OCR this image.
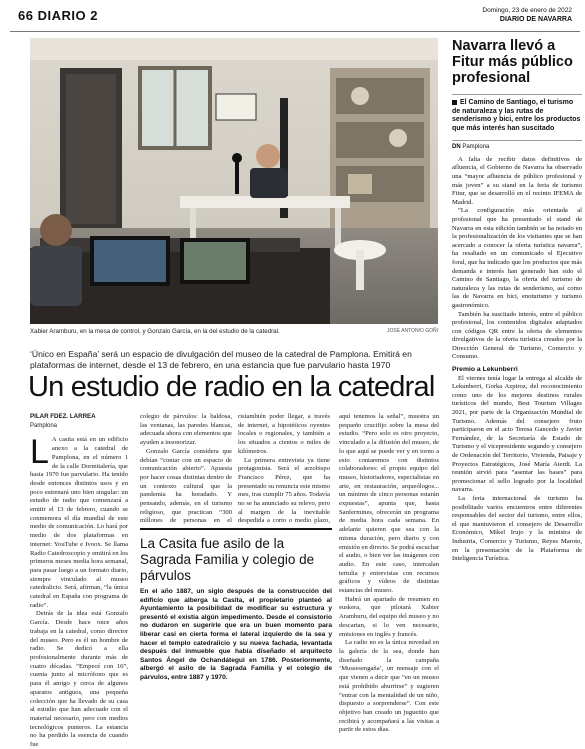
66 DIARIO 2	Domingo, 23 de enero de 2022
DIARIO DE NAVARRA
Xabier Aramburu, en la mesa de control, y Gonzalo García, en la del estudio de la catedral.	JOSÉ ANTONIO GOÑI
‘Único en España’ será un espacio de divulgación del museo de la catedral de Pamplona. Emitirá en plataformas de internet, desde el 13 de febrero, en una estancia que fue parvulario hasta 1970
Un estudio de radio en la catedral
PILAR FDEZ. LARREA
Pamplona
L A casita está en un edificio anexo a la catedral de Pamplona, en el número 1 de la calle Dormitalería, que hasta 1970 fue parvulario. Ha tenido desde entonces distintos usos y en poco estrenará uno bien singular: un estudio de radio que comenzará a emitir el 13 de febrero, cuando se conmemora el día mundial de este medio de comunicación. Lo hará por medio de dos plataformas en internet: YouTube e Ivoox. Se llama Radio Catedroscopio y emitirá en los primeros meses media hora semanal, para pasar luego a un formato diario, siempre vinculado al museo catedralicio. Será, afirman, “la única catedral en España con programa de radio”.

Detrás de la idea está Gonzalo García. Desde hace once años trabaja en la catedral, como director del museo. Pero es él un hombre de radio. Se dedicó a ella profesionalmente durante más de cuatro décadas. “Empecé con 16”, cuenta junto al micrófono que es para él amigo y cerca de algunos aparatos antiguos, una pequeña colección que ha llevado de su casa al estudio que han adecuado con el material necesario, pero con medios tecnológicos punteros. La estancia no ha perdido la esencia de cuando fue

colegio de párvulos: la baldosa, las ventanas, las paredes blancas, adecuada ahora con elementos que ayuden a insonorizar.

Gonzalo García considera que debían “contar con un espacio de comunicación abierto”. Apuesta por hacer cosas distintas dentro de un contexto cultural que la pandemia ha horadado. Y pensando, además, en el turismo religioso, que practican “300 millones de personas en el

ristambién poder llegar, a través de internet, a hipotéticos oyentes locales o regionales, y también a los situados a cientos o miles de kilómetros.

La primera entrevista ya tiene protagonista. Será el arzobispo Francisco Pérez, que ha presentado su renuncia este mismo mes, tras cumplir 75 años. Todavía no se ha anunciado su relevo, pero al margen de la inevitable despedida a corto o medio plazo,

aquí tenemos la señal”, muestra un pequeño crucifijo sobre la mesa del estudio. “Pero solo es otro proyecto, vinculado a la difusión del museo, de lo que aquí se puede ver y en torno a esto contaremos con distintos colaboradores: el propio equipo del museo, historiadores, especialistas en arte, en restauración, arqueólogos... un mínimo de cinco personas estarán expuestas”, apunta que, hasta Sanfermines, ofrecerán un programa de media hora cada semana. En adelante quieren que sea con la misma duración, pero diario y con emisión en directo. Se podrá escuchar el audio, o bien ver las imágenes con audio. En este caso, intercalan tertulia y entrevistas con recursos gráficos y vídeos de distintas estancias del museo.

Habrá un apartado de resumen en euskera, que pilotará Xabier Aramburu, del equipo del museo y no descartan, si lo ven necesario, emisiones en inglés y francés.

La radio no es la única novedad en la galería de la sea, donde han diseñado la campaña ‘Mussesengaña’, un mensaje con el que vienen a decir que “en un museo está prohibido aburrirse” y sugieren “entrar con la mentalidad de un niño, dispuesto a sorprenderse”. Con este objetivo han creado un juguetito que recibirá y acompañará a las visitas a partir de estos días.

La Casita fue asilo de la Sagrada Familia y colegio de párvulos
En el año 1887, un siglo después de la construcción del edificio que alberga la Casita, el propietario planteó al Ayuntamiento la posibilidad de modificar su estructura y presentó el existía algún impedimento. Desde el consistorio no dudaron en sugerirle que era un buen momento para liberar casi en cierta forma el lateral izquierdo de la sea y hacer el templo catedralicio y su nueva fachada, levantada después del inmueble que había diseñado el arquitecto Santos Ángel de Ochandátegui en 1786. Posteriormente, albergó el asilo de la Sagrada Familia y el colegio de párvulos, entre 1887 y 1970.
Navarra llevó a Fitur más público profesional
El Camino de Santiago, el turismo de naturaleza y las rutas de senderismo y bici, entre los productos que más interés han suscitado
DN Pamplona

A falta de recibir datos definitivos de afluencia, el Gobierno de Navarra ha observado una “mayor afluencia de público profesional y más joven” a su stand en la feria de turismo Fitur, que se desarrolló en el recinto IFEMA de Madrid.

“La configuración más orientada al profesional que ha presentado el stand de Navarra en esta edición también se ha notado en la profesionalización de los visitantes que se han acercado a conocer la oferta turística navarra”, ha resaltado en un comunicado el Ejecutivo foral, que ha indicado que los productos que más demanda e interés han generado han sido el Camino de Santiago, la oferta del turismo de naturaleza y las rutas de senderismo, así como las de Navarra en bici, enoturismo y turismo gastronómico.

También ha suscitado interés, entre el público profesional, los contenidos digitales adaptados con códigos QR entre la oferta de elementos divulgativos de la oferta turística creados por la Dirección General de Turismo, Comercio y Consumo.

Premio a Lekunberri

El viernes tenía lugar la entrega al alcalde de Lekunberri, Gorka Azpiroz, del reconocimiento como uno de los mejores destinos rurales turísticos del mundo, Best Tourism Villages 2021, por parte de la Organización Mundial de Turismo. Además del consejero fruto participaron en el acto Teresa Gancedo y Javier Fernández, de la Secretaría de Estado de Turismo y el vicepresidente segundo y consejero de Ordenación del Territorio, Vivienda, Paisaje y Proyectos Estratégicos, José María Aierdi. La reunión sirvió para “asentar las bases” para promocionar el sello logrado por la localidad navarra.

La feria internacional de turismo ha posibilitado varios encuentros entre diferentes responsables del sector del turismo, entre ellos, el que mantuvieron el consejero de Desarrollo Económico, Mikel Irujo y la ministra de Industria, Comercio y Turismo, Reyes Maroto, en la presentación de la Plataforma de Inteligencia Turística.
